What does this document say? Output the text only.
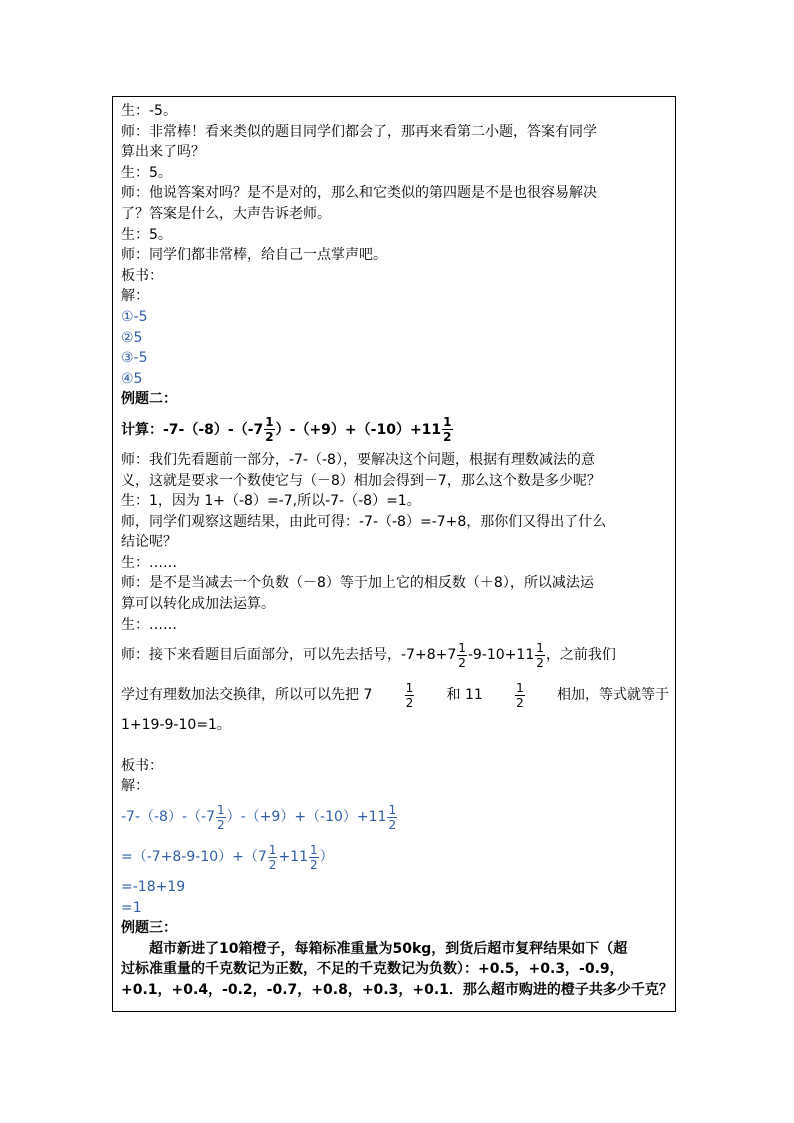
生：-5。
师：非常棒！看来类似的题目同学们都会了，那再来看第二小题，答案有同学
算出来了吗？
生：5。
师：他说答案对吗？是不是对的，那么和它类似的第四题是不是也很容易解决
了？答案是什么，大声告诉老师。
生：5。
师：同学们都非常棒，给自己一点掌声吧。
板书：
解：
①-5
②5
③-5
④5
例题二：
计算：$-7-(-8)-(-7 \frac{1}{2} )-(+9)+(-10)+11 \frac{1}{2}$
师：我们先看题前一部分，-7-（-8），要解决这个问题，根据有理数减法的意
义，这就是要求一个数使它与（－8）相加会得到－7，那么这个数是多少呢？
生：1，因为 1+（-8）=-7,所以-7-（-8）=1。
师，同学们观察这题结果，由此可得：-7-（-8）=-7+8，那你们又得出了什么
结论呢？
生：……
师：是不是当减去一个负数（－8）等于加上它的相反数（＋8），所以减法运
算可以转化成加法运算。
生：……
师：接下来看题目后面部分，可以先去括号，$-7+8+7 \frac{1}{2} -9-10+11 \frac{1}{2}$ ，之前我们
学过有理数加法交换律，所以可以先把 7	$\frac{1}{2}$ 和 11	$\frac{1}{2}$ 相加，等式就等于
1+19-9-10=1。
板书：
解：
$-7-(-8)-(-7 \frac{1}{2} )-(+9)+(-10)+11 \frac{1}{2}$
$=(-7+8-9-10)+(7 \frac{1}{2} +11 \frac{1}{2}$ ）
=-18+19
=1
例题三：
超市新进了10箱橙子，每箱标准重量为50kg，到货后超市复秤结果如下（超
过标准重量的千克数记为正数，不足的千克数记为负数）：+0.5，+0.3，-0.9，
+0.1，+0.4，-0.2，-0.7，+0.8，+0.3，+0.1．那么超市购进的橙子共多少千克？
